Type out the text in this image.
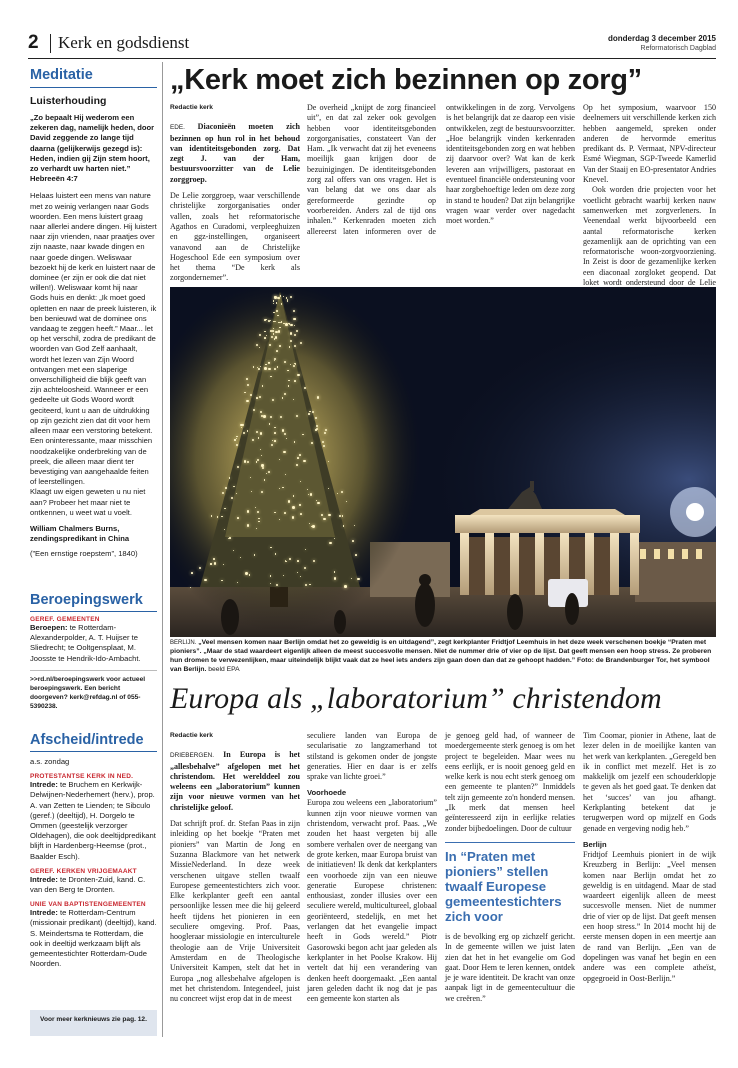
2 Kerk en godsdienst	donderdag 3 december 2015
Reformatorisch Dagblad
Meditatie
Luisterhouding
„Zo bepaalt Hij wederom een zekeren dag, namelijk heden, door David zeggende zo lange tijd daarna (gelijkerwijs gezegd is): Heden, indien gij Zijn stem hoort, zo verhardt uw harten niet.”
Hebreeën 4:7
Helaas luistert een mens van nature met zo weinig verlangen naar Gods woorden. Een mens luistert graag naar allerlei andere dingen. Hij luistert naar zijn vrienden, naar praatjes over zijn naaste, naar kwade dingen en naar goede dingen. Weliswaar bezoekt hij de kerk en luistert naar de dominee (er zijn er ook die dat niet willen!). Weliswaar komt hij naar Gods huis en denkt: „Ik moet goed opletten en naar de preek luisteren, ik ben benieuwd wat de dominee ons vandaag te zeggen heeft.” Maar... let op het verschil, zodra de predikant de woorden van God Zelf aanhaalt, wordt het lezen van Zijn Woord ontvangen met een slaperige onverschilligheid die blijk geeft van zijn achteloosheid. Wanneer er een gedeelte uit Gods Woord wordt geciteerd, kunt u aan de uitdrukking op zijn gezicht zien dat dit voor hem alleen maar een verstoring betekent. Een oninteressante, maar misschien noodzakelijke onderbreking van de preek, die alleen maar dient ter bevestiging van aangehaalde feiten of leerstellingen.
Klaagt uw eigen geweten u nu niet aan? Probeer het maar niet te ontkennen, u weet wat u voelt.
William Chalmers Burns,
zendingspredikant in China
(”Een ernstige roepstem”, 1840)
Beroepingswerk
GEREF. GEMEENTEN
Beroepen: te Rotterdam-Alexanderpolder, A. T. Huijser te Sliedrecht; te Ooltgensplaat, M. Joosste te Hendrik-Ido-Ambacht.
>>rd.nl/beroepingswerk voor actueel beroepingswerk. Een bericht doorgeven? kerk@refdag.nl of 055-5390238.
Afscheid/intrede
a.s. zondag
PROTESTANTSE KERK IN NED.
Intrede: te Bruchem en Kerkwijk-Delwijnen-Nederhemert (herv.), prop. A. van Zetten te Lienden; te Sibculo (geref.) (deeltijd), H. Dorgelo te Ommen (geestelijk verzorger Oldehagen), die ook deeltijdpredikant blijft in Hardenberg-Heemse (prot., Baalder Esch).
GEREF. KERKEN VRIJGEMAAKT
Intrede: te Dronten-Zuid, kand. C. van den Berg te Dronten.
UNIE VAN BAPTISTENGEMEENTEN
Intrede: te Rotterdam-Centrum (missionair predikant) (deeltijd), kand. S. Meindertsma te Rotterdam, die ook in deeltijd werkzaam blijft als gemeentestichter Rotterdam-Oude Noorden.
Voor meer kerknieuws zie pag. 12.
„Kerk moet zich bezinnen op zorg”
Redactie kerk

EDE. Diaconieën moeten zich bezinnen op hun rol in het behoud van identiteitsgebonden zorg. Dat zegt J. van der Ham, bestuursvoorzitter van de Lelie zorggroep.

De Lelie zorggroep, waar verschillende christelijke zorgorganisaties onder vallen, zoals het reformatorische Agathos en Curadomi, verpleeghuizen en ggz-instellingen, organiseert vanavond aan de Christelijke Hogeschool Ede een symposium over het thema “De kerk als zorgondernemer”.

De overheid „knijpt de zorg financieel uit”, en dat zal zeker ook gevolgen hebben voor identiteitsgebonden zorgorganisaties, constateert Van der Ham. „Ik verwacht dat zij het eveneens moeilijk gaan krijgen door de bezuinigingen. De identiteitsgebonden zorg zal offers van ons vragen. Het is van belang dat we ons daar als gereformeerde gezindte op voorbereiden. Anders zal de tijd ons inhalen.” Kerkenraden moeten zich allereerst laten informeren over de ontwikkelingen in de zorg. Vervolgens is het belangrijk dat ze daarop een visie ontwikkelen, zegt de bestuursvoorzitter. „Hoe belangrijk vinden kerkenraden identiteitsgebonden zorg en wat hebben zij daarvoor over? Wat kan de kerk leveren aan vrijwilligers, pastoraat en eventueel financiële ondersteuning voor haar zorgbehoeftige leden om deze zorg in stand te houden? Dat zijn belangrijke vragen waar verder over nagedacht moet worden.”

Op het symposium, waarvoor 150 deelnemers uit verschillende kerken zich hebben aangemeld, spreken onder anderen de hervormde emeritus predikant ds. P. Vermaat, NPV-directeur Esmé Wiegman, SGP-Tweede Kamerlid Van der Staaij en EO-presentator Andries Knevel.

Ook worden drie projecten voor het voetlicht gebracht waarbij kerken nauw samenwerken met zorgverleners. In Veenendaal werkt bijvoorbeeld een aantal reformatorische kerken gezamenlijk aan de oprichting van een reformatorische woon-zorgvoorziening. In Zeist is door de gezamenlijke kerken een diaconaal zorgloket geopend. Dat loket wordt ondersteund door de Lelie

BERLIJN. „Veel mensen komen naar Berlijn omdat het zo geweldig is en uitdagend”, zegt kerkplanter Fridtjof Leemhuis in het deze week verschenen boekje “Praten met pioniers”. „Maar de stad waardeert eigenlijk alleen de meest succesvolle mensen. Niet de nummer drie of vier op de lijst. Dat geeft mensen een hoop stress. Ze proberen hun dromen te verwezenlijken, maar uiteindelijk blijkt vaak dat ze heel iets anders zijn gaan doen dan dat ze gehoopt hadden.” Foto: de Brandenburger Tor, het symbool van Berlijn. beeld EPA
Europa als „laboratorium” christendom
Redactie kerk

DRIEBERGEN. In Europa is het „allesbehalve” afgelopen met het christendom. Het werelddeel zou weleens een „laboratorium” kunnen zijn voor nieuwe vormen van het christelijke geloof.

Dat schrijft prof. dr. Stefan Paas in zijn inleiding op het boekje “Praten met pioniers” van Martin de Jong en Suzanna Blackmore van het netwerk MissieNederland. In deze week verschenen uitgave stellen twaalf Europese gemeentestichters zich voor. Elke kerkplanter geeft een aantal persoonlijke lessen mee die hij geleerd heeft tijdens het pionieren in een seculiere omgeving. Prof. Paas, hoogleraar missiologie en interculturele theologie aan de Vrije Universiteit Amsterdam en de Theologische Universiteit Kampen, stelt dat het in Europa „nog allesbehalve afgelopen is met het christendom. Integendeel, juist nu concreet wijst erop dat in de meest

seculiere landen van Europa de secularisatie zo langzamerhand tot stilstand is gekomen onder de jongste generaties. Hier en daar is er zelfs sprake van lichte groei.”

Voorhoede

Europa zou weleens een „laboratorium” kunnen zijn voor nieuwe vormen van christendom, verwacht prof. Paas. „We zouden het haast vergeten bij alle sombere verhalen over de neergang van de grote kerken, maar Europa bruist van de initiatieven! Ik denk dat kerkplanters een voorhoede zijn van een nieuwe generatie Europese christenen: enthousiast, zonder illusies over een seculiere wereld, multicultureel, globaal georiënteerd, stedelijk, en met het verlangen dat het evangelie impact heeft in Gods wereld.” Piotr Gasorowski begon acht jaar geleden als kerkplanter in het Poolse Krakow. Hij vertelt dat hij een verandering van denken heeft doorgemaakt. „Een aantal jaren geleden dacht ik nog dat je pas een gemeente kon starten als

je genoeg geld had, of wanneer de moedergemeente sterk genoeg is om het project te begeleiden. Maar wees nu eens eerlijk, er is nooit genoeg geld en welke kerk is nou echt sterk genoeg om een gemeente te planten?” Inmiddels telt zijn gemeente zo'n honderd mensen. „Ik merk dat mensen heel geïnteresseerd zijn in eerlijke relaties zonder bijbedoelingen. Door de cultuur

In “Praten met pioniers” stellen twaalf Europese gemeentestichters zich voor

is de bevolking erg op zichzelf gericht. In de gemeente willen we juist laten zien dat het in het evangelie om God gaat. Door Hem te leren kennen, ontdek je je ware identiteit. De kracht van onze aanpak ligt in de gemeentecultuur die we creëren.”

Tim Coomar, pionier in Athene, laat de lezer delen in de moeilijke kanten van het werk van kerkplanten. „Geregeld ben ik in conflict met mezelf. Het is zo makkelijk om jezelf een schouderklopje te geven als het goed gaat. Te denken dat het ‘succes’ van jou afhangt. Kerkplanting betekent dat je terugwerpen word op mijzelf en Gods genade en vergeving nodig heb.”

Berlijn

Fridtjof Leemhuis pioniert in de wijk Kreuzberg in Berlijn: „Veel mensen komen naar Berlijn omdat het zo geweldig is en uitdagend. Maar de stad waardeert eigenlijk alleen de meest succesvolle mensen. Niet de nummer drie of vier op de lijst. Dat geeft mensen een hoop stress.” In 2014 mocht hij de eerste mensen dopen in een meertje aan de rand van Berlijn. „Een van de dopelingen was vanaf het begin en een andere was een complete atheïst, opgegroeid in Oost-Berlijn.”
